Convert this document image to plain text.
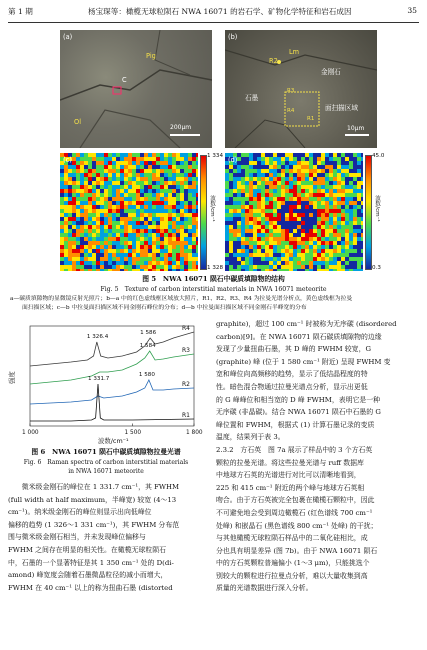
第 1 期	杨宝琛等：橄榄无球粒陨石 NWA 16071 的岩石学、矿物化学特征和岩石成因	35
(a)
Pig
Ol
C
200μm
(b)
Lm
R2
金刚石
石墨
R3
R4
R1
面扫描区域
10μm
(c)	1 334
1 328
波数/cm⁻¹
(d)	45.0
0.3
波数/cm⁻¹
图 5　NWA 16071 陨石中碳质填隙物的结构
Fig. 5　Texture of carbon interstitial materials in NWA 16071 meteorite
a—碳质填隙物的显微镜反射光照片；b—a 中的红色虚线框区域放大照片，R1、R2、R3、R4 为拉曼光谱分析点，黄色虚线框为拉曼
面扫描区域；c—b 中拉曼面扫描区域不同金刚石峰位的分布；d—b 中拉曼面扫描区域不同金刚石半峰宽的分布
R4
R3
R2
R1
1 326.4
1 586
1 584
1 580
1 331.7
1 000	1 500	1 800
波数/cm⁻¹
强度
图 6　NWA 16071 陨石中碳质填隙物拉曼光谱
Fig. 6　Raman spectra of carbon interstitial materials
in NWA 16071 meteorite
　　微米级金刚石的峰位在 1 331.7 cm⁻¹，其 FWHM
(full width at half maximum，半峰宽) 较宽 (4～13
cm⁻¹)。纳米级金刚石的峰位则显示出向低峰位
偏移的趋势 (1 326～1 331 cm⁻¹)，其 FWHM 分布范
围与微米级金刚石相当，并未发现峰位偏移与
FWHM 之间存在明显的相关性。在橄榄无球粒陨石
中，石墨的一个显著特征是其 1 350 cm⁻¹ 处的 D(di-
amond) 峰宽度会随着石墨微晶粒径的减小而增大，
FWHM 在 40 cm⁻¹ 以上的称为扭曲石墨 (distorted
graphite)，超过 100 cm⁻¹ 时被称为无序碳 (disordered
carbon)[9]。在 NWA 16071 陨石碳质填隙物的边缘
发现了少量扭曲石墨，其 D 峰的 FWHM 较宽，G
(graphite) 峰 (位于 1 580 cm⁻¹ 附近) 呈现 FWHM 变
宽和峰位向高频移的趋势，显示了低结晶程度的特
性。暗色混合物通过拉曼光谱点分析，显示出更低
的 G 峰峰位和相当宽的 D 峰 FWHM，表明它是一种
无序碳 (非晶碳)。结合 NWA 16071 陨石中石墨的 G
峰位置和 FWHM，根据式 (1) 计算石墨记录的变质
温度，结果列于表 3。
2.3.2　方石英　图 7a 展示了样品中的 3 个方石英
颗粒的拉曼光谱。将这些拉曼光谱与 ruff 数据库
中地球方石英的光谱进行对比可以清晰地看到，
225 和 415 cm⁻¹ 附近的两个峰与地球方石英相
吻合。由于方石英被完全包裹在橄榄石颗粒中，因此
不可避免地会受到周边橄榄石 (红色谱线 700 cm⁻¹
处峰) 和嵌晶石 (黑色谱线 800 cm⁻¹ 处峰) 的干扰；
与其他橄榄无球粒陨石样品中的二氧化硅相比，成
分也具有明显差异 (图 7b)。由于 NWA 16071 陨石
中的方石英颗粒普遍偏小 (1～3 μm)，只能挑选个
别较大的颗粒进行拉曼点分析，难以大量收集到高
质量的光谱数据进行深入分析。
